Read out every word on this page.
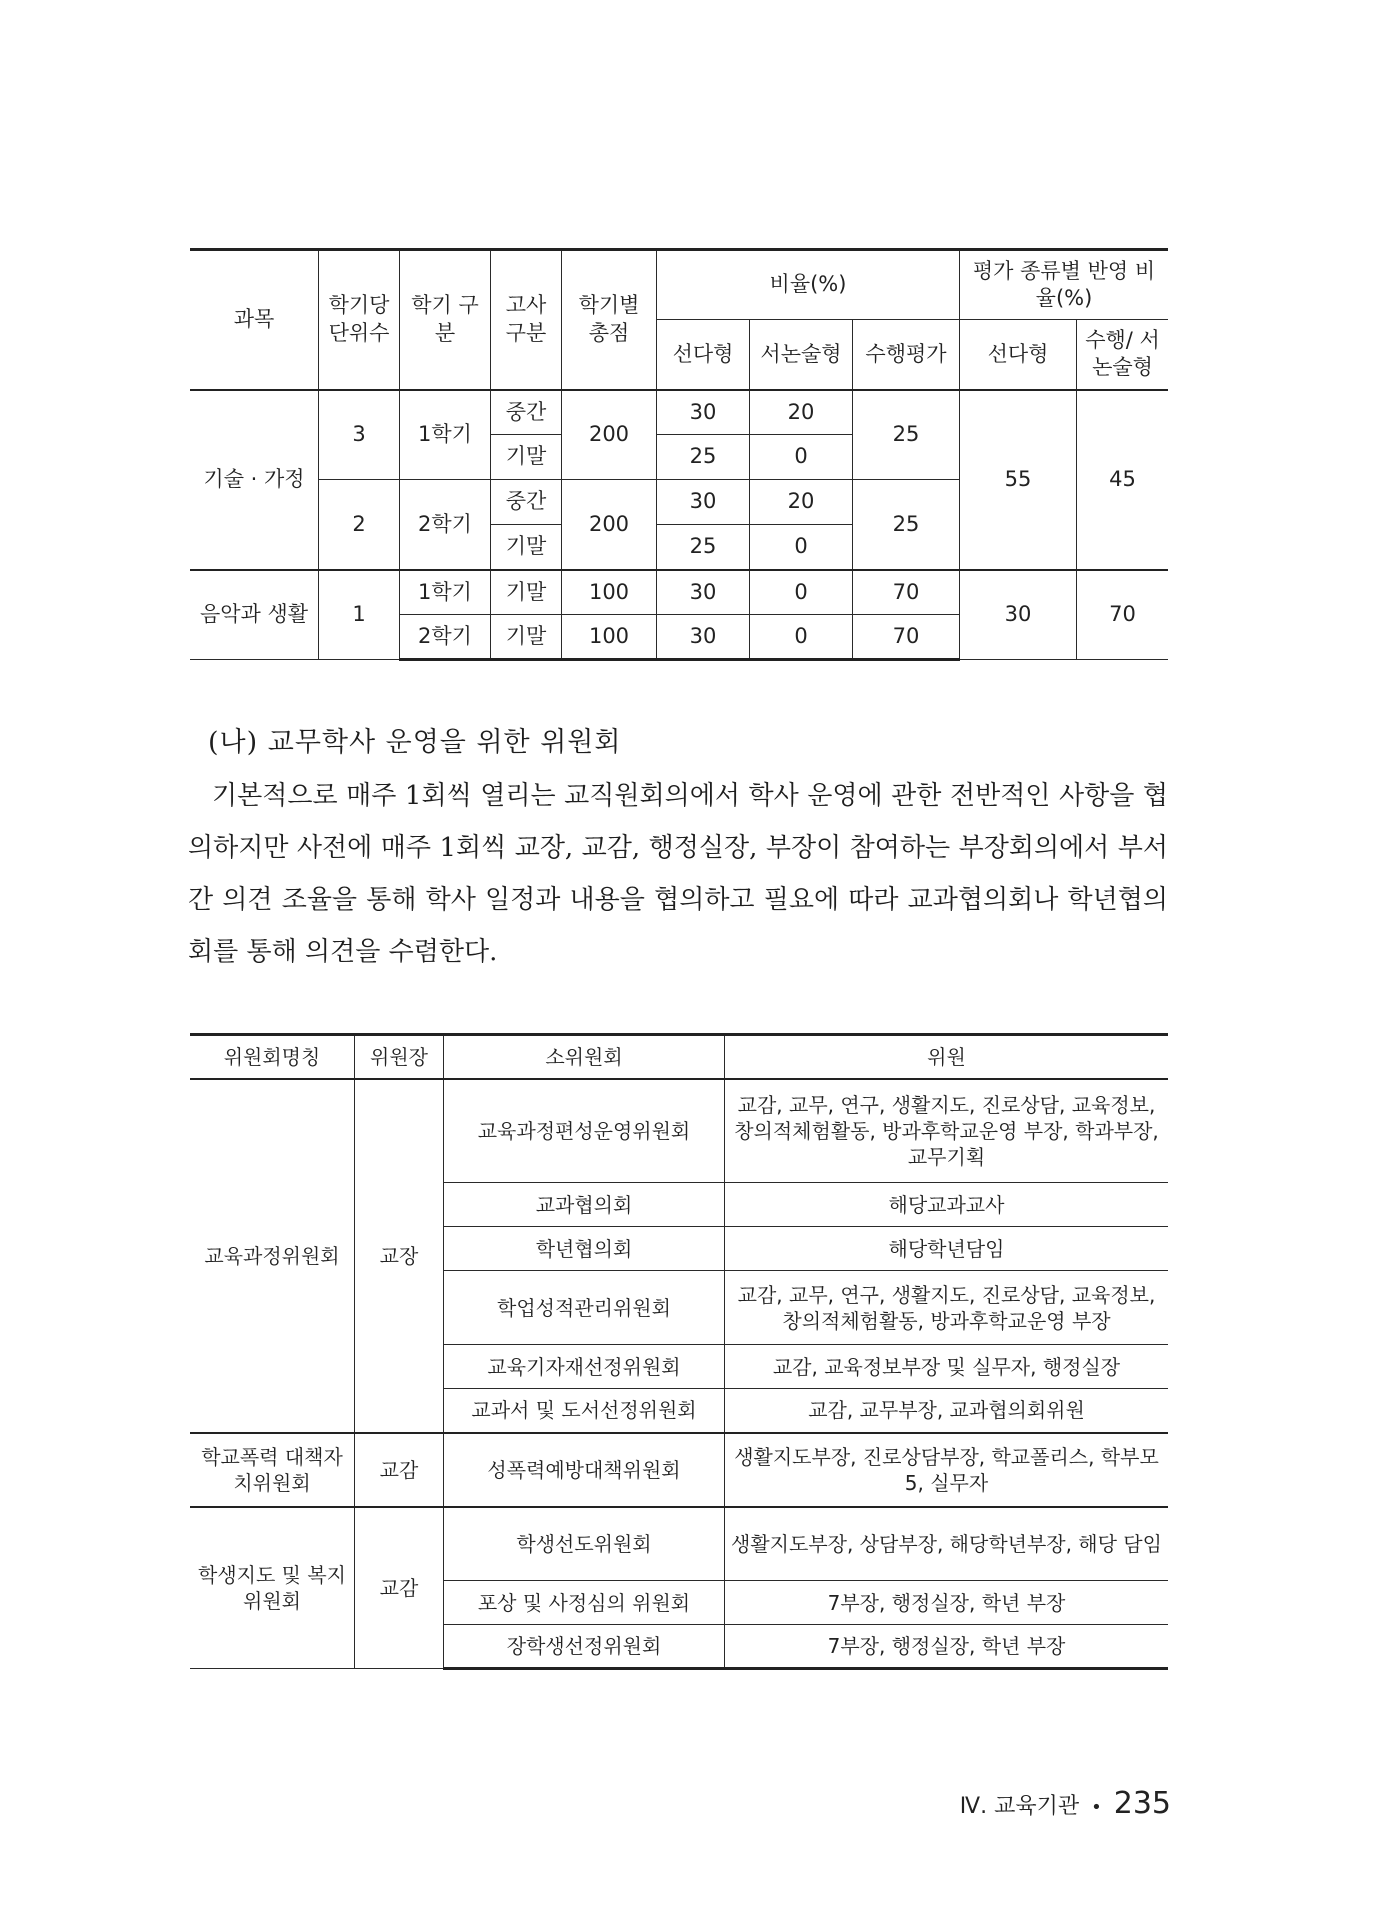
과목	학기당 단위수	학기 구분	고사 구분	학기별 총점	비율(%)			평가 종류별 반영 비율(%)	
					선다형	서논술형	수행평가	선다형	수행/ 서논술형
기술 · 가정	3	1학기	중간	200	30	20	25	55	45
			기말		25	0			
	2	2학기	중간	200	30	20	25		
			기말		25	0			
음악과 생활	1	1학기	기말	100	30	0	70	30	70
		2학기	기말	100	30	0	70		
(나) 교무학사 운영을 위한 위원회

기본적으로 매주 1회씩 열리는 교직원회의에서 학사 운영에 관한 전반적인 사항을 협의하지만 사전에 매주 1회씩 교장, 교감, 행정실장, 부장이 참여하는 부장회의에서 부서 간 의견 조율을 통해 학사 일정과 내용을 협의하고 필요에 따라 교과협의회나 학년협의회를 통해 의견을 수렴한다.

위원회명칭	위원장	소위원회	위원
교육과정위원회	교장	교육과정편성운영위원회	교감, 교무, 연구, 생활지도, 진로상담, 교육정보, 창의적체험활동, 방과후학교운영 부장, 학과부장, 교무기획
		교과협의회	해당교과교사
		학년협의회	해당학년담임
		학업성적관리위원회	교감, 교무, 연구, 생활지도, 진로상담, 교육정보, 창의적체험활동, 방과후학교운영 부장
		교육기자재선정위원회	교감, 교육정보부장 및 실무자, 행정실장
		교과서 및 도서선정위원회	교감, 교무부장, 교과협의회위원
학교폭력 대책자치위원회	교감	성폭력예방대책위원회	생활지도부장, 진로상담부장, 학교폴리스, 학부모5, 실무자
학생지도 및 복지위원회	교감	학생선도위원회	생활지도부장, 상담부장, 해당학년부장, 해당 담임
		포상 및 사정심의 위원회	7부장, 행정실장, 학년 부장
		장학생선정위원회	7부장, 행정실장, 학년 부장
Ⅳ. 교육기관 • 235
